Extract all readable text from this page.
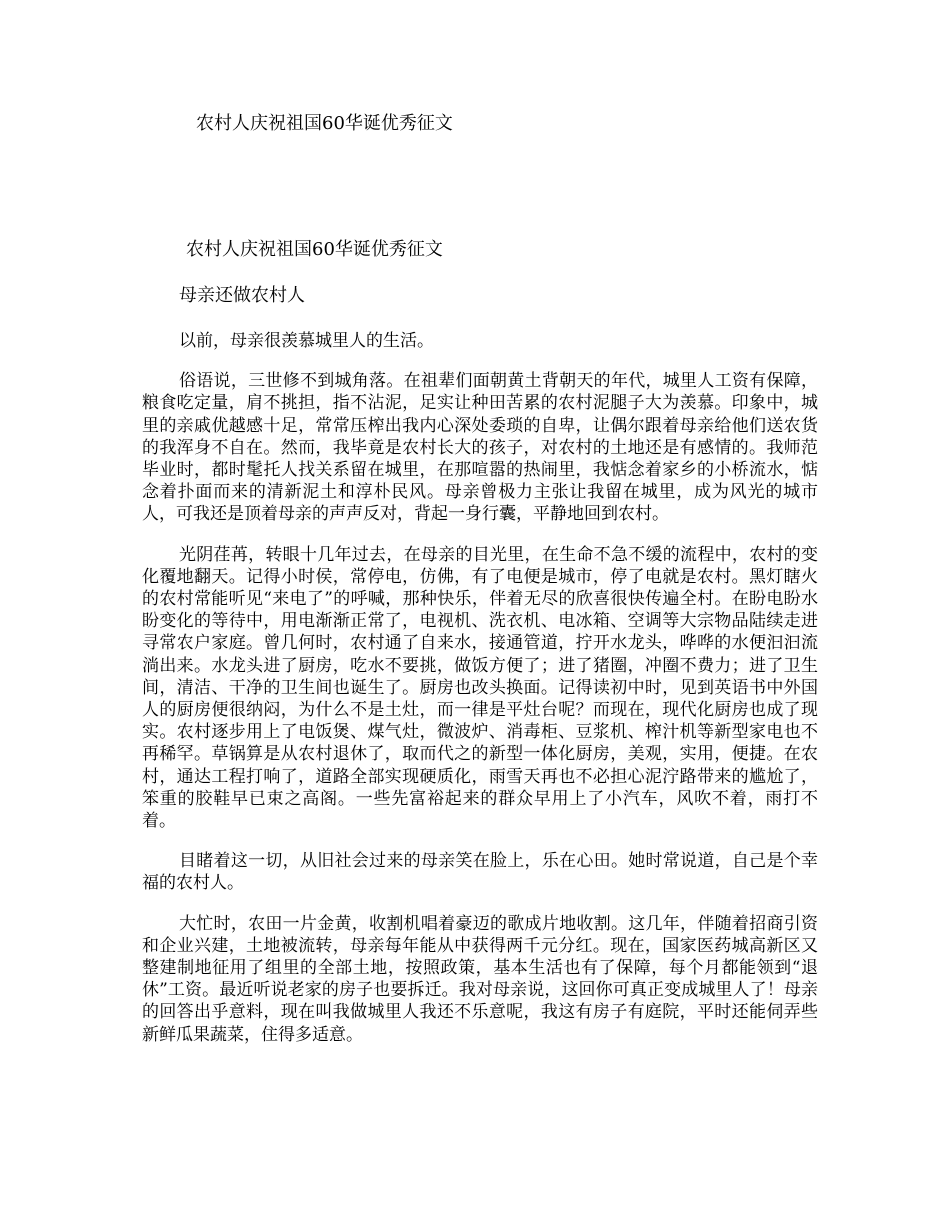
农村人庆祝祖国60华诞优秀征文
农村人庆祝祖国60华诞优秀征文
母亲还做农村人

以前，母亲很羡慕城里人的生活。

俗语说，三世修不到城角落。在祖辈们面朝黄土背朝天的年代，城里人工资有保障，粮食吃定量，肩不挑担，指不沾泥，足实让种田苦累的农村泥腿子大为羡慕。印象中，城里的亲戚优越感十足，常常压榨出我内心深处委琐的自卑，让偶尔跟着母亲给他们送农货的我浑身不自在。然而，我毕竟是农村长大的孩子，对农村的土地还是有感情的。我师范毕业时，都时髦托人找关系留在城里，在那喧嚣的热闹里，我惦念着家乡的小桥流水，惦念着扑面而来的清新泥土和淳朴民风。母亲曾极力主张让我留在城里，成为风光的城市人，可我还是顶着母亲的声声反对，背起一身行囊，平静地回到农村。

光阴荏苒，转眼十几年过去，在母亲的目光里，在生命不急不缓的流程中，农村的变化覆地翻天。记得小时侯，常停电，仿佛，有了电便是城市，停了电就是农村。黑灯瞎火的农村常能听见“来电了”的呼喊，那种快乐，伴着无尽的欣喜很快传遍全村。在盼电盼水盼变化的等待中，用电渐渐正常了，电视机、洗衣机、电冰箱、空调等大宗物品陆续走进寻常农户家庭。曾几何时，农村通了自来水，接通管道，拧开水龙头，哗哗的水便汩汩流淌出来。水龙头进了厨房，吃水不要挑，做饭方便了；进了猪圈，冲圈不费力；进了卫生间，清洁、干净的卫生间也诞生了。厨房也改头换面。记得读初中时，见到英语书中外国人的厨房便很纳闷，为什么不是土灶，而一律是平灶台呢？而现在，现代化厨房也成了现实。农村逐步用上了电饭煲、煤气灶，微波炉、消毒柜、豆浆机、榨汁机等新型家电也不再稀罕。草锅算是从农村退休了，取而代之的新型一体化厨房，美观，实用，便捷。在农村，通达工程打响了，道路全部实现硬质化，雨雪天再也不必担心泥泞路带来的尴尬了，笨重的胶鞋早已束之高阁。一些先富裕起来的群众早用上了小汽车，风吹不着，雨打不着。

目睹着这一切，从旧社会过来的母亲笑在脸上，乐在心田。她时常说道，自己是个幸福的农村人。

大忙时，农田一片金黄，收割机唱着豪迈的歌成片地收割。这几年，伴随着招商引资和企业兴建，土地被流转，母亲每年能从中获得两千元分红。现在，国家医药城高新区又整建制地征用了组里的全部土地，按照政策，基本生活也有了保障，每个月都能领到“退休”工资。最近听说老家的房子也要拆迁。我对母亲说，这回你可真正变成城里人了！母亲的回答出乎意料，现在叫我做城里人我还不乐意呢，我这有房子有庭院，平时还能伺弄些新鲜瓜果蔬菜，住得多适意。
